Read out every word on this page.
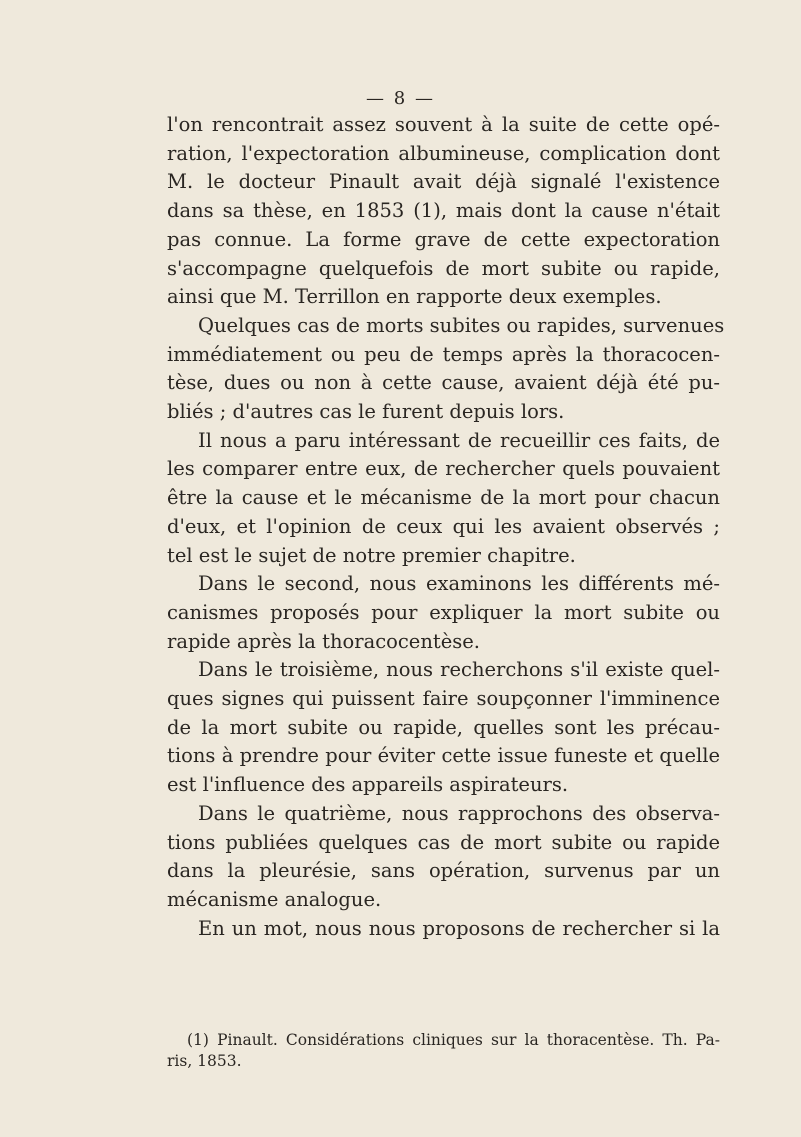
— 8 —
l'on rencontrait assez souvent à la suite de cette opé-
ration, l'expectoration albumineuse, complication dont
M. le docteur Pinault avait déjà signalé l'existence
dans sa thèse, en 1853 (1), mais dont la cause n'était
pas connue. La forme grave de cette expectoration
s'accompagne quelquefois de mort subite ou rapide,
ainsi que M. Terrillon en rapporte deux exemples.
Quelques cas de morts subites ou rapides, survenues
immédiatement ou peu de temps après la thoracocen-
tèse, dues ou non à cette cause, avaient déjà été pu-
bliés ; d'autres cas le furent depuis lors.
Il nous a paru intéressant de recueillir ces faits, de
les comparer entre eux, de rechercher quels pouvaient
être la cause et le mécanisme de la mort pour chacun
d'eux, et l'opinion de ceux qui les avaient observés ;
tel est le sujet de notre premier chapitre.
Dans le second, nous examinons les différents mé-
canismes proposés pour expliquer la mort subite ou
rapide après la thoracocentèse.
Dans le troisième, nous recherchons s'il existe quel-
ques signes qui puissent faire soupçonner l'imminence
de la mort subite ou rapide, quelles sont les précau-
tions à prendre pour éviter cette issue funeste et quelle
est l'influence des appareils aspirateurs.
Dans le quatrième, nous rapprochons des observa-
tions publiées quelques cas de mort subite ou rapide
dans la pleurésie, sans opération, survenus par un
mécanisme analogue.
En un mot, nous nous proposons de rechercher si la
(1) Pinault. Considérations cliniques sur la thoracentèse. Th. Pa-
ris, 1853.
